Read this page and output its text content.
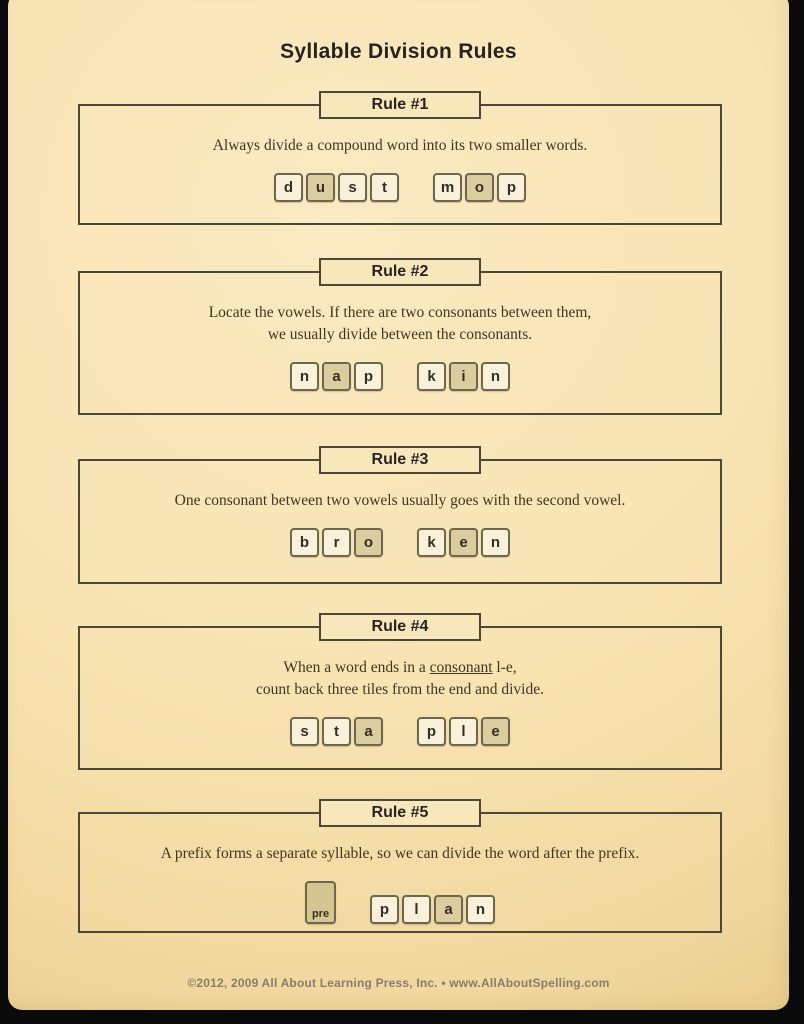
Syllable Division Rules
Rule #1
Always divide a compound word into its two smaller words.
d	u	s	t	m	o	p
Rule #2
Locate the vowels. If there are two consonants between them,
we usually divide between the consonants.
n	a	p	k	i	n
Rule #3
One consonant between two vowels usually goes with the second vowel.
b	r	o	k	e	n
Rule #4
When a word ends in a consonant l-e,
count back three tiles from the end and divide.
s	t	a	p	l	e
Rule #5
A prefix forms a separate syllable, so we can divide the word after the prefix.
pre	p	l	a	n
©2012, 2009 All About Learning Press, Inc. • www.AllAboutSpelling.com
